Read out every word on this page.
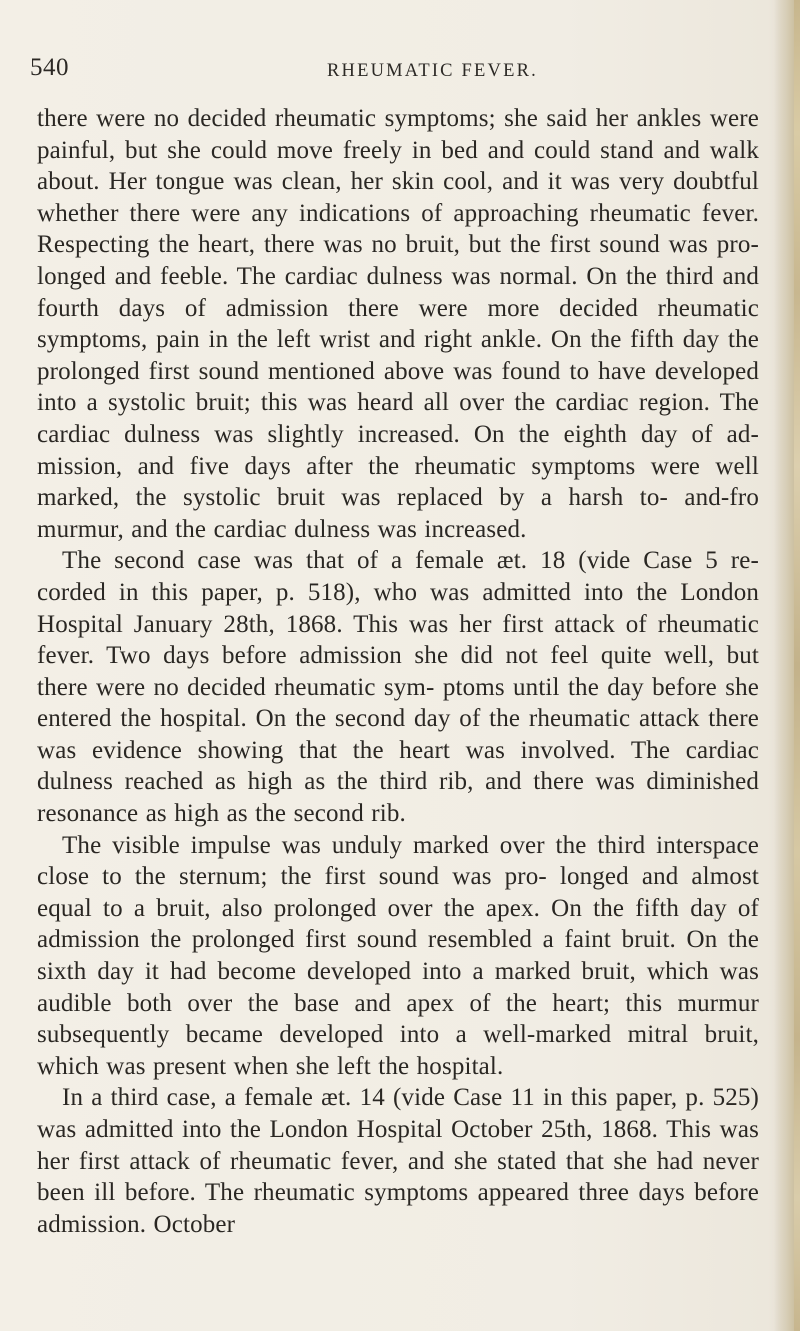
540	RHEUMATIC FEVER.

there were no decided rheumatic symptoms; she said her ankles were painful, but she could move freely in bed and could stand and walk about. Her tongue was clean, her skin cool, and it was very doubtful whether there were any indications of approaching rheumatic fever. Respecting the heart, there was no bruit, but the first sound was pro- longed and feeble. The cardiac dulness was normal. On the third and fourth days of admission there were more decided rheumatic symptoms, pain in the left wrist and right ankle. On the fifth day the prolonged first sound mentioned above was found to have developed into a systolic bruit; this was heard all over the cardiac region. The cardiac dulness was slightly increased. On the eighth day of ad- mission, and five days after the rheumatic symptoms were well marked, the systolic bruit was replaced by a harsh to- and-fro murmur, and the cardiac dulness was increased.

The second case was that of a female æt. 18 (vide Case 5 re- corded in this paper, p. 518), who was admitted into the London Hospital January 28th, 1868. This was her first attack of rheumatic fever. Two days before admission she did not feel quite well, but there were no decided rheumatic sym- ptoms until the day before she entered the hospital. On the second day of the rheumatic attack there was evidence showing that the heart was involved. The cardiac dulness reached as high as the third rib, and there was diminished resonance as high as the second rib.

The visible impulse was unduly marked over the third interspace close to the sternum; the first sound was pro- longed and almost equal to a bruit, also prolonged over the apex. On the fifth day of admission the prolonged first sound resembled a faint bruit. On the sixth day it had become developed into a marked bruit, which was audible both over the base and apex of the heart; this murmur subsequently became developed into a well-marked mitral bruit, which was present when she left the hospital.

In a third case, a female æt. 14 (vide Case 11 in this paper, p. 525) was admitted into the London Hospital October 25th, 1868. This was her first attack of rheumatic fever, and she stated that she had never been ill before. The rheumatic symptoms appeared three days before admission. October
